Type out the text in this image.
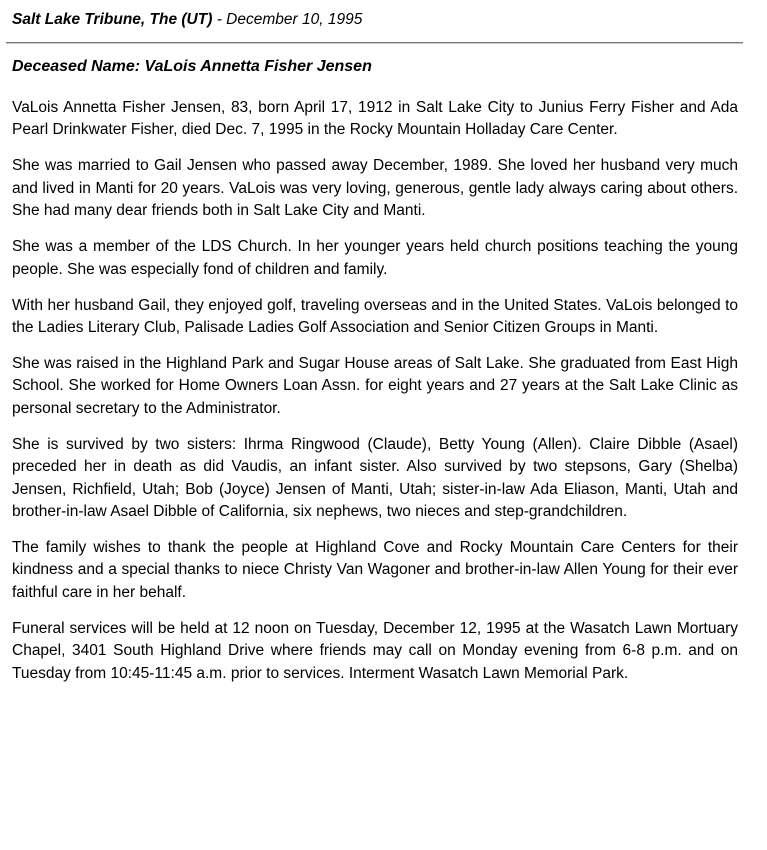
Salt Lake Tribune, The (UT) - December 10, 1995
Deceased Name: VaLois Annetta Fisher Jensen

VaLois Annetta Fisher Jensen, 83, born April 17, 1912 in Salt Lake City to Junius Ferry Fisher and Ada Pearl Drinkwater Fisher, died Dec. 7, 1995 in the Rocky Mountain Holladay Care Center.

She was married to Gail Jensen who passed away December, 1989. She loved her husband very much and lived in Manti for 20 years. VaLois was very loving, generous, gentle lady always caring about others. She had many dear friends both in Salt Lake City and Manti.

She was a member of the LDS Church. In her younger years held church positions teaching the young people. She was especially fond of children and family.

With her husband Gail, they enjoyed golf, traveling overseas and in the United States. VaLois belonged to the Ladies Literary Club, Palisade Ladies Golf Association and Senior Citizen Groups in Manti.

She was raised in the Highland Park and Sugar House areas of Salt Lake. She graduated from East High School. She worked for Home Owners Loan Assn. for eight years and 27 years at the Salt Lake Clinic as personal secretary to the Administrator.

She is survived by two sisters: Ihrma Ringwood (Claude), Betty Young (Allen). Claire Dibble (Asael) preceded her in death as did Vaudis, an infant sister. Also survived by two stepsons, Gary (Shelba) Jensen, Richfield, Utah; Bob (Joyce) Jensen of Manti, Utah; sister-in-law Ada Eliason, Manti, Utah and brother-in-law Asael Dibble of California, six nephews, two nieces and step-grandchildren.

The family wishes to thank the people at Highland Cove and Rocky Mountain Care Centers for their kindness and a special thanks to niece Christy Van Wagoner and brother-in-law Allen Young for their ever faithful care in her behalf.

Funeral services will be held at 12 noon on Tuesday, December 12, 1995 at the Wasatch Lawn Mortuary Chapel, 3401 South Highland Drive where friends may call on Monday evening from 6-8 p.m. and on Tuesday from 10:45-11:45 a.m. prior to services. Interment Wasatch Lawn Memorial Park.
